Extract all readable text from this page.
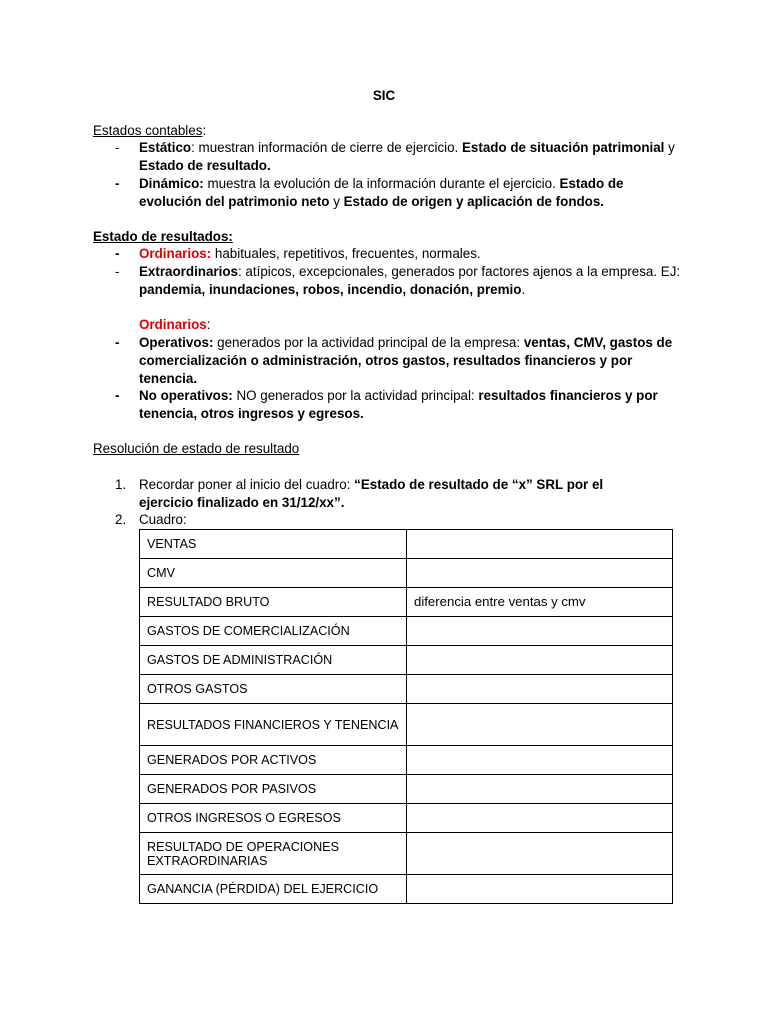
SIC
Estados contables:
- Estático: muestran información de cierre de ejercicio. Estado de situación patrimonial y Estado de resultado.
- Dinámico: muestra la evolución de la información durante el ejercicio. Estado de evolución del patrimonio neto y Estado de origen y aplicación de fondos.
Estado de resultados:
- Ordinarios: habituales, repetitivos, frecuentes, normales.
- Extraordinarios: atípicos, excepcionales, generados por factores ajenos a la empresa. EJ: pandemia, inundaciones, robos, incendio, donación, premio.
Ordinarios:
- Operativos: generados por la actividad principal de la empresa: ventas, CMV, gastos de comercialización o administración, otros gastos, resultados financieros y por tenencia.
- No operativos: NO generados por la actividad principal: resultados financieros y por tenencia, otros ingresos y egresos.
Resolución de estado de resultado
1. Recordar poner al inicio del cuadro: “Estado de resultado de “x” SRL por el ejercicio finalizado en 31/12/xx”.
2. Cuadro:
VENTAS	
CMV	
RESULTADO BRUTO	diferencia entre ventas y cmv
GASTOS DE COMERCIALIZACIÓN	
GASTOS DE ADMINISTRACIÓN	
OTROS GASTOS	
RESULTADOS FINANCIEROS Y TENENCIA	
GENERADOS POR ACTIVOS	
GENERADOS POR PASIVOS	
OTROS INGRESOS O EGRESOS	
RESULTADO DE OPERACIONES EXTRAORDINARIAS	
GANANCIA (PÉRDIDA) DEL EJERCICIO	
